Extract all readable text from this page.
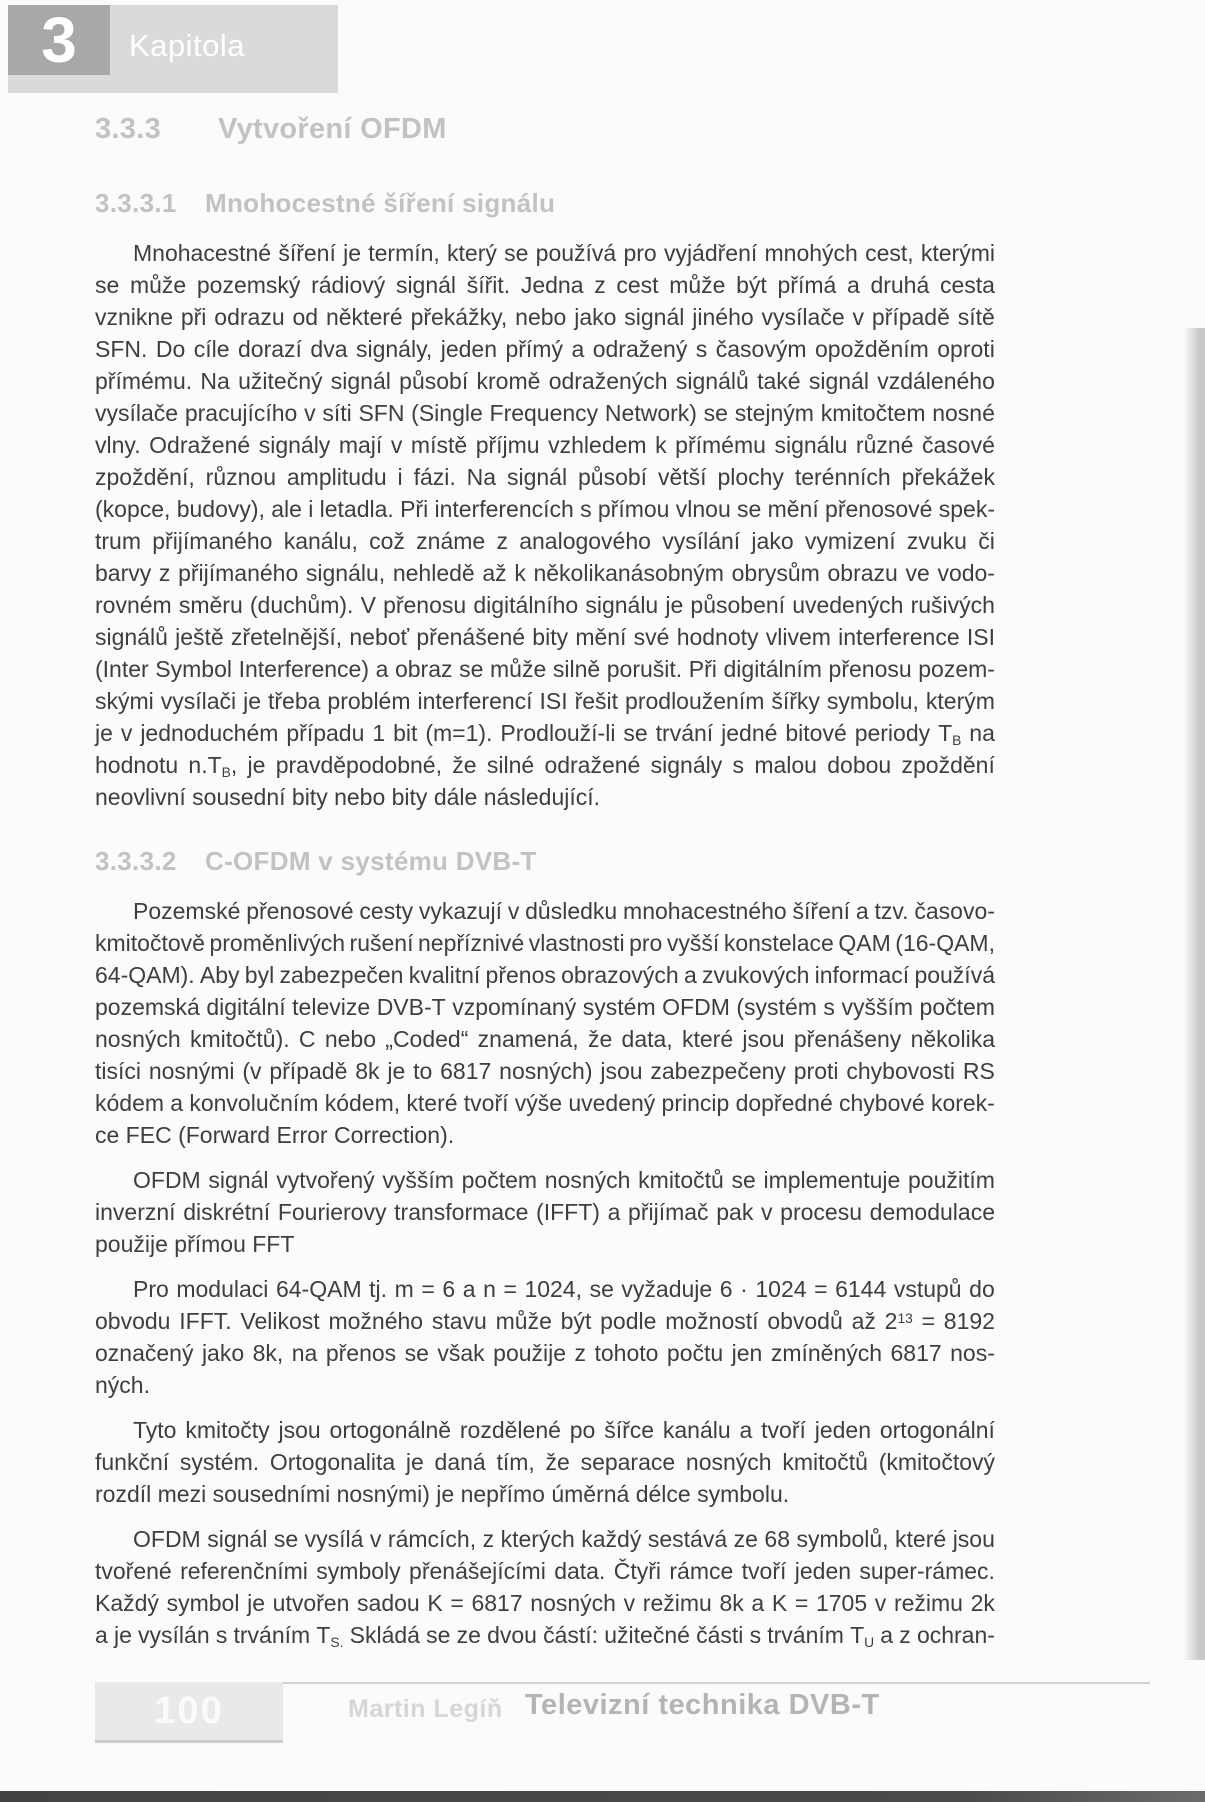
3 Kapitola
3.3.3 Vytvoření OFDM
3.3.3.1 Mnohocestné šíření signálu
Mnohacestné šíření je termín, který se používá pro vyjádření mnohých cest, kterými
se může pozemský rádiový signál šířit. Jedna z cest může být přímá a druhá cesta
vznikne při odrazu od některé překážky, nebo jako signál jiného vysílače v případě sítě
SFN. Do cíle dorazí dva signály, jeden přímý a odražený s časovým opožděním oproti
přímému. Na užitečný signál působí kromě odražených signálů také signál vzdáleného
vysílače pracujícího v síti SFN (Single Frequency Network) se stejným kmitočtem nosné
vlny. Odražené signály mají v místě příjmu vzhledem k přímému signálu různé časové
zpoždění, různou amplitudu i fázi. Na signál působí větší plochy terénních překážek
(kopce, budovy), ale i letadla. Při interferencích s přímou vlnou se mění přenosové spek-
trum přijímaného kanálu, což známe z analogového vysílání jako vymizení zvuku či
barvy z přijímaného signálu, nehledě až k několikanásobným obrysům obrazu ve vodo-
rovném směru (duchům). V přenosu digitálního signálu je působení uvedených rušivých
signálů ještě zřetelnější, neboť přenášené bity mění své hodnoty vlivem interference ISI
(Inter Symbol Interference) a obraz se může silně porušit. Při digitálním přenosu pozem-
skými vysílači je třeba problém interferencí ISI řešit prodloužením šířky symbolu, kterým
je v jednoduchém případu 1 bit (m=1). Prodlouží-li se trvání jedné bitové periody $T_B$ na
hodnotu $n.T_B$, je pravděpodobné, že silné odražené signály s malou dobou zpoždění
neovlivní sousední bity nebo bity dále následující.
3.3.3.2 C-OFDM v systému DVB-T
Pozemské přenosové cesty vykazují v důsledku mnohacestného šíření a tzv. časovo-
kmitočtově proměnlivých rušení nepříznivé vlastnosti pro vyšší konstelace QAM (16-QAM,
64-QAM). Aby byl zabezpečen kvalitní přenos obrazových a zvukových informací používá
pozemská digitální televize DVB-T vzpomínaný systém OFDM (systém s vyšším počtem
nosných kmitočtů). C nebo „Coded“ znamená, že data, které jsou přenášeny několika
tisíci nosnými (v případě 8k je to 6817 nosných) jsou zabezpečeny proti chybovosti RS
kódem a konvolučním kódem, které tvoří výše uvedený princip dopředné chybové korek-
ce FEC (Forward Error Correction).
OFDM signál vytvořený vyšším počtem nosných kmitočtů se implementuje použitím
inverzní diskrétní Fourierovy transformace (IFFT) a přijímač pak v procesu demodulace
použije přímou FFT
Pro modulaci 64-QAM tj. m = 6 a n = 1024, se vyžaduje 6 · 1024 = 6144 vstupů do
obvodu IFFT. Velikost možného stavu může být podle možností obvodů až $2^{13} = 8192$
označený jako 8k, na přenos se však použije z tohoto počtu jen zmíněných 6817 nos-
ných.
Tyto kmitočty jsou ortogonálně rozdělené po šířce kanálu a tvoří jeden ortogonální
funkční systém. Ortogonalita je daná tím, že separace nosných kmitočtů (kmitočtový
rozdíl mezi sousedními nosnými) je nepřímo úměrná délce symbolu.
OFDM signál se vysílá v rámcích, z kterých každý sestává ze 68 symbolů, které jsou
tvořené referenčními symboly přenášejícími data. Čtyři rámce tvoří jeden super-rámec.
Každý symbol je utvořen sadou K = 6817 nosných v režimu 8k a K = 1705 v režimu 2k
a je vysílán s trváním $T_{S.}$ Skládá se ze dvou částí: užitečné části s trváním $T_U$ a z ochran-
100	Martin Legíň Televizní technika DVB-T
